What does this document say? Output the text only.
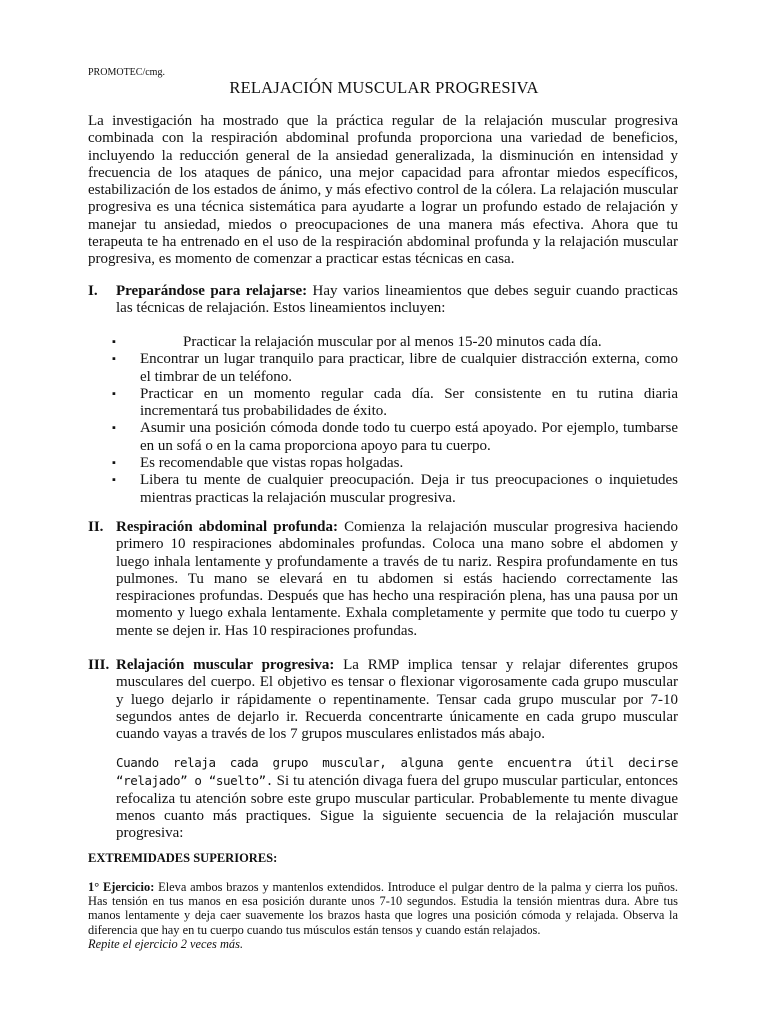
PROMOTEC/cmg.
RELAJACIÓN MUSCULAR PROGRESIVA

La investigación ha mostrado que la práctica regular de la relajación muscular progresiva combinada con la respiración abdominal profunda proporciona una variedad de beneficios, incluyendo la reducción general de la ansiedad generalizada, la disminución en intensidad y frecuencia de los ataques de pánico, una mejor capacidad para afrontar miedos específicos, estabilización de los estados de ánimo, y más efectivo control de la cólera. La relajación muscular progresiva es una técnica sistemática para ayudarte a lograr un profundo estado de relajación y manejar tu ansiedad, miedos o preocupaciones de una manera más efectiva. Ahora que tu terapeuta te ha entrenado en el uso de la respiración abdominal profunda y la relajación muscular progresiva, es momento de comenzar a practicar estas técnicas en casa.

I. Preparándose para relajarse: Hay varios lineamientos que debes seguir cuando practicas las técnicas de relajación. Estos lineamientos incluyen:
▪	Practicar la relajación muscular por al menos 15-20 minutos cada día.
▪ Encontrar un lugar tranquilo para practicar, libre de cualquier distracción externa, como el timbrar de un teléfono.
▪ Practicar en un momento regular cada día. Ser consistente en tu rutina diaria incrementará tus probabilidades de éxito.
▪ Asumir una posición cómoda donde todo tu cuerpo está apoyado. Por ejemplo, tumbarse en un sofá o en la cama proporciona apoyo para tu cuerpo.
▪ Es recomendable que vistas ropas holgadas.
▪ Libera tu mente de cualquier preocupación. Deja ir tus preocupaciones o inquietudes mientras practicas la relajación muscular progresiva.
II. Respiración abdominal profunda: Comienza la relajación muscular progresiva haciendo primero 10 respiraciones abdominales profundas. Coloca una mano sobre el abdomen y luego inhala lentamente y profundamente a través de tu nariz. Respira profundamente en tus pulmones. Tu mano se elevará en tu abdomen si estás haciendo correctamente las respiraciones profundas. Después que has hecho una respiración plena, has una pausa por un momento y luego exhala lentamente. Exhala completamente y permite que todo tu cuerpo y mente se dejen ir. Has 10 respiraciones profundas.
III. Relajación muscular progresiva: La RMP implica tensar y relajar diferentes grupos musculares del cuerpo. El objetivo es tensar o flexionar vigorosamente cada grupo muscular y luego dejarlo ir rápidamente o repentinamente. Tensar cada grupo muscular por 7-10 segundos antes de dejarlo ir. Recuerda concentrarte únicamente en cada grupo muscular cuando vayas a través de los 7 grupos musculares enlistados más abajo.
Cuando relaja cada grupo muscular, alguna gente encuentra útil decirse “relajado” o “suelto”. Si tu atención divaga fuera del grupo muscular particular, entonces refocaliza tu atención sobre este grupo muscular particular. Probablemente tu mente divague menos cuanto más practiques. Sigue la siguiente secuencia de la relajación muscular progresiva:
EXTREMIDADES SUPERIORES:
1° Ejercicio: Eleva ambos brazos y mantenlos extendidos. Introduce el pulgar dentro de la palma y cierra los puños. Has tensión en tus manos en esa posición durante unos 7-10 segundos. Estudia la tensión mientras dura. Abre tus manos lentamente y deja caer suavemente los brazos hasta que logres una posición cómoda y relajada. Observa la diferencia que hay en tu cuerpo cuando tus músculos están tensos y cuando están relajados.
Repite el ejercicio 2 veces más.
